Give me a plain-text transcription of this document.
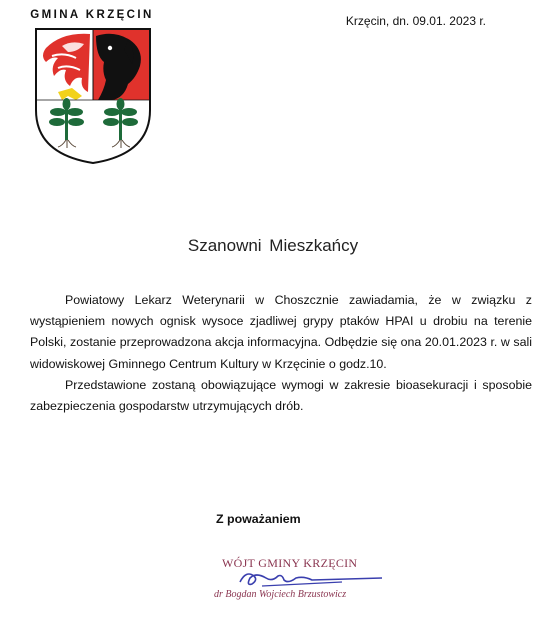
GMINA KRZĘCIN	Krzęcin, dn. 09.01. 2023 r.
Szanowni Mieszkańcy

Powiatowy Lekarz Weterynarii w Choszcznie zawiadamia, że w związku z wystąpieniem nowych ognisk wysoce zjadliwej grypy ptaków HPAI u drobiu na terenie Polski, zostanie przeprowadzona akcja informacyjna. Odbędzie się ona 20.01.2023 r. w sali widowiskowej Gminnego Centrum Kultury w Krzęcinie o godz.10.

Przedstawione zostaną obowiązujące wymogi w zakresie bioasekuracji i sposobie zabezpieczenia gospodarstw utrzymujących drób.

Z poważaniem
WÓJT GMINY KRZĘCIN
dr Bogdan Wojciech Brzustowicz
